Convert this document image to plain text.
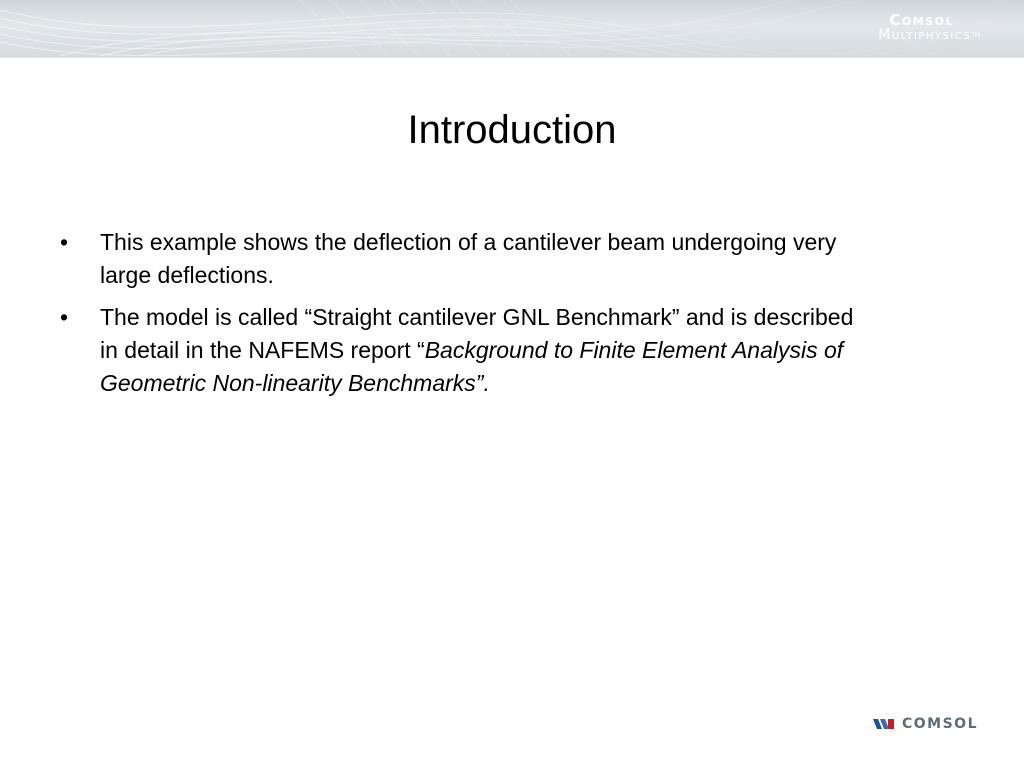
Comsol
Multiphysics™
Introduction
• This example shows the deflection of a cantilever beam undergoing very large deflections.
• The model is called “Straight cantilever GNL Benchmark” and is described in detail in the NAFEMS report “Background to Finite Element Analysis of Geometric Non-linearity Benchmarks”.
COMSOL
